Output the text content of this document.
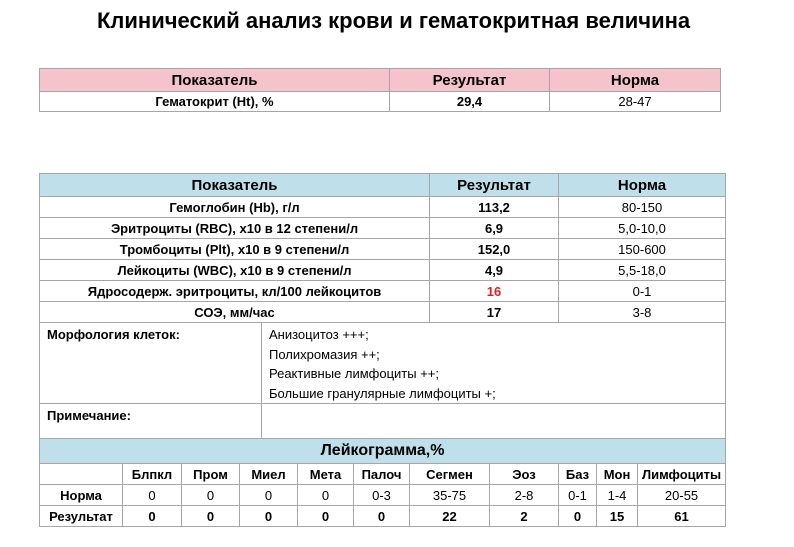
Клинический анализ крови и гематокритная величина
Показатель	Результат	Норма
Гематокрит (Ht), %	29,4	28-47
Показатель								Результат		Норма		
Гемоглобин (Hb), г/л								113,2		80-150		
Эритроциты (RBC), x10 в 12 степени/л								6,9		5,0-10,0		
Тромбоциты (Plt), x10 в 9 степени/л								152,0		150-600		
Лейкоциты (WBC), x10 в 9 степени/л								4,9		5,5-18,0		
Ядросодерж. эритроциты, кл/100 лейкоцитов								16		0-1		
СОЭ, мм/час								17		3-8		
Морфология клеток:				Анизоцитоз +++;
Полихромазия ++;
Реактивные лимфоциты ++;
Большие гранулярные лимфоциты +;								

Примечание:												
Лейкограмма,%												
	Блпкл	Пром	Миел		Мета	Палоч	Сегмен		Эоз	Баз	Мон	Лимфоциты
Норма	0	0	0		0	0-3	35-75		2-8	0-1	1-4	20-55
Результат	0	0	0		0	0	22		2	0	15	61
